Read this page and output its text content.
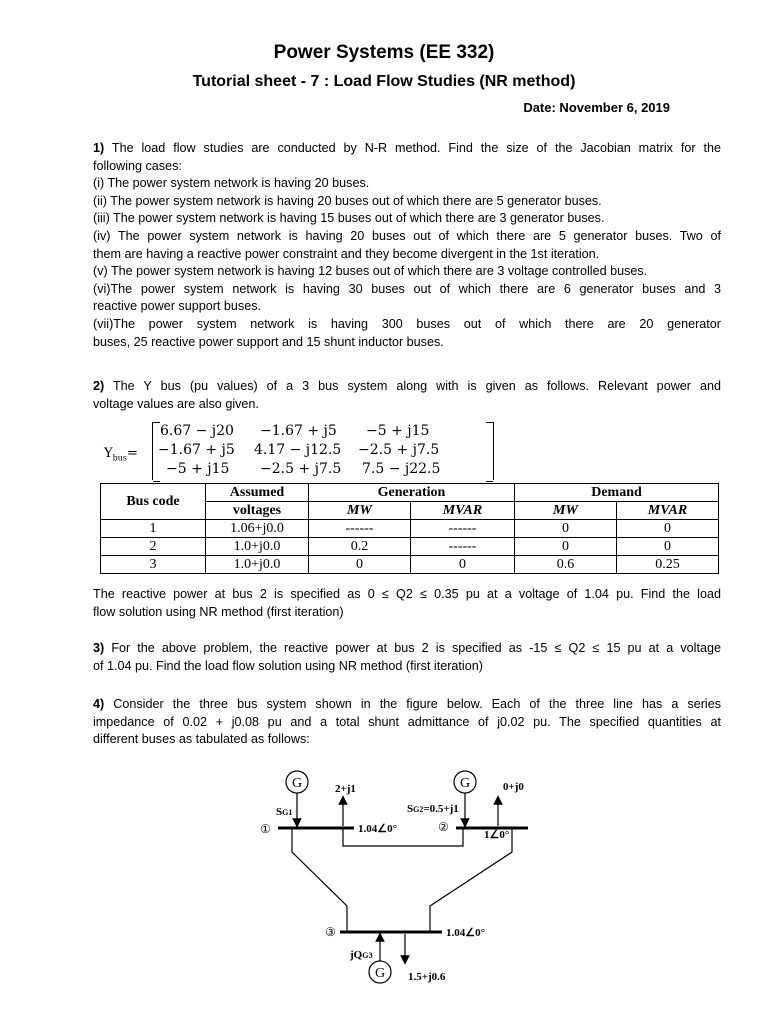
Power Systems (EE 332)
Tutorial sheet - 7 : Load Flow Studies (NR method)
Date: November 6, 2019
1) The load flow studies are conducted by N-R method. Find the size of the Jacobian matrix for the
following cases:
(i) The power system network is having 20 buses.
(ii) The power system network is having 20 buses out of which there are 5 generator buses.
(iii) The power system network is having 15 buses out of which there are 3 generator buses.
(iv) The power system network is having 20 buses out of which there are 5 generator buses. Two of
them are having a reactive power constraint and they become divergent in the 1st iteration.
(v) The power system network is having 12 buses out of which there are 3 voltage controlled buses.
(vi)The power system network is having 30 buses out of which there are 6 generator buses and 3
reactive power support buses.
(vii)The power system network is having 300 buses out of which there are 20 generator
buses, 25 reactive power support and 15 shunt inductor buses.
2) The Y bus (pu values) of a 3 bus system along with is given as follows. Relevant power and
voltage values are also given.
$Y_{bus}=$
6.67 − j20 −1.67 + j5 −5 + j15
−1.67 + j5 4.17 − j12.5 −2.5 + j7.5
−5 + j15 −2.5 + j7.5 7.5 − j22.5
Bus code	Assumed	Generation		Demand	
	voltages	MW	MVAR	MW	MVAR
1	1.06+j0.0	------	------	0	0
2	1.0+j0.0	0.2	------	0	0
3	1.0+j0.0	0	0	0.6	0.25
The reactive power at bus 2 is specified as 0 ≤ Q2 ≤ 0.35 pu at a voltage of 1.04 pu. Find the load
flow solution using NR method (first iteration)
3) For the above problem, the reactive power at bus 2 is specified as -15 ≤ Q2 ≤ 15 pu at a voltage
of 1.04 pu. Find the load flow solution using NR method (first iteration)
4) Consider the three bus system shown in the figure below. Each of the three line has a series
impedance of 0.02 + j0.08 pu and a total shunt admittance of j0.02 pu. The specified quantities at
different buses as tabulated as follows:
G	G
G
2+j1	0+j0
SG1	SG2=0.5+j1
①	②
③
1.04∠0°	1∠0°
1.04∠0°
jQG3
1.5+j0.6
